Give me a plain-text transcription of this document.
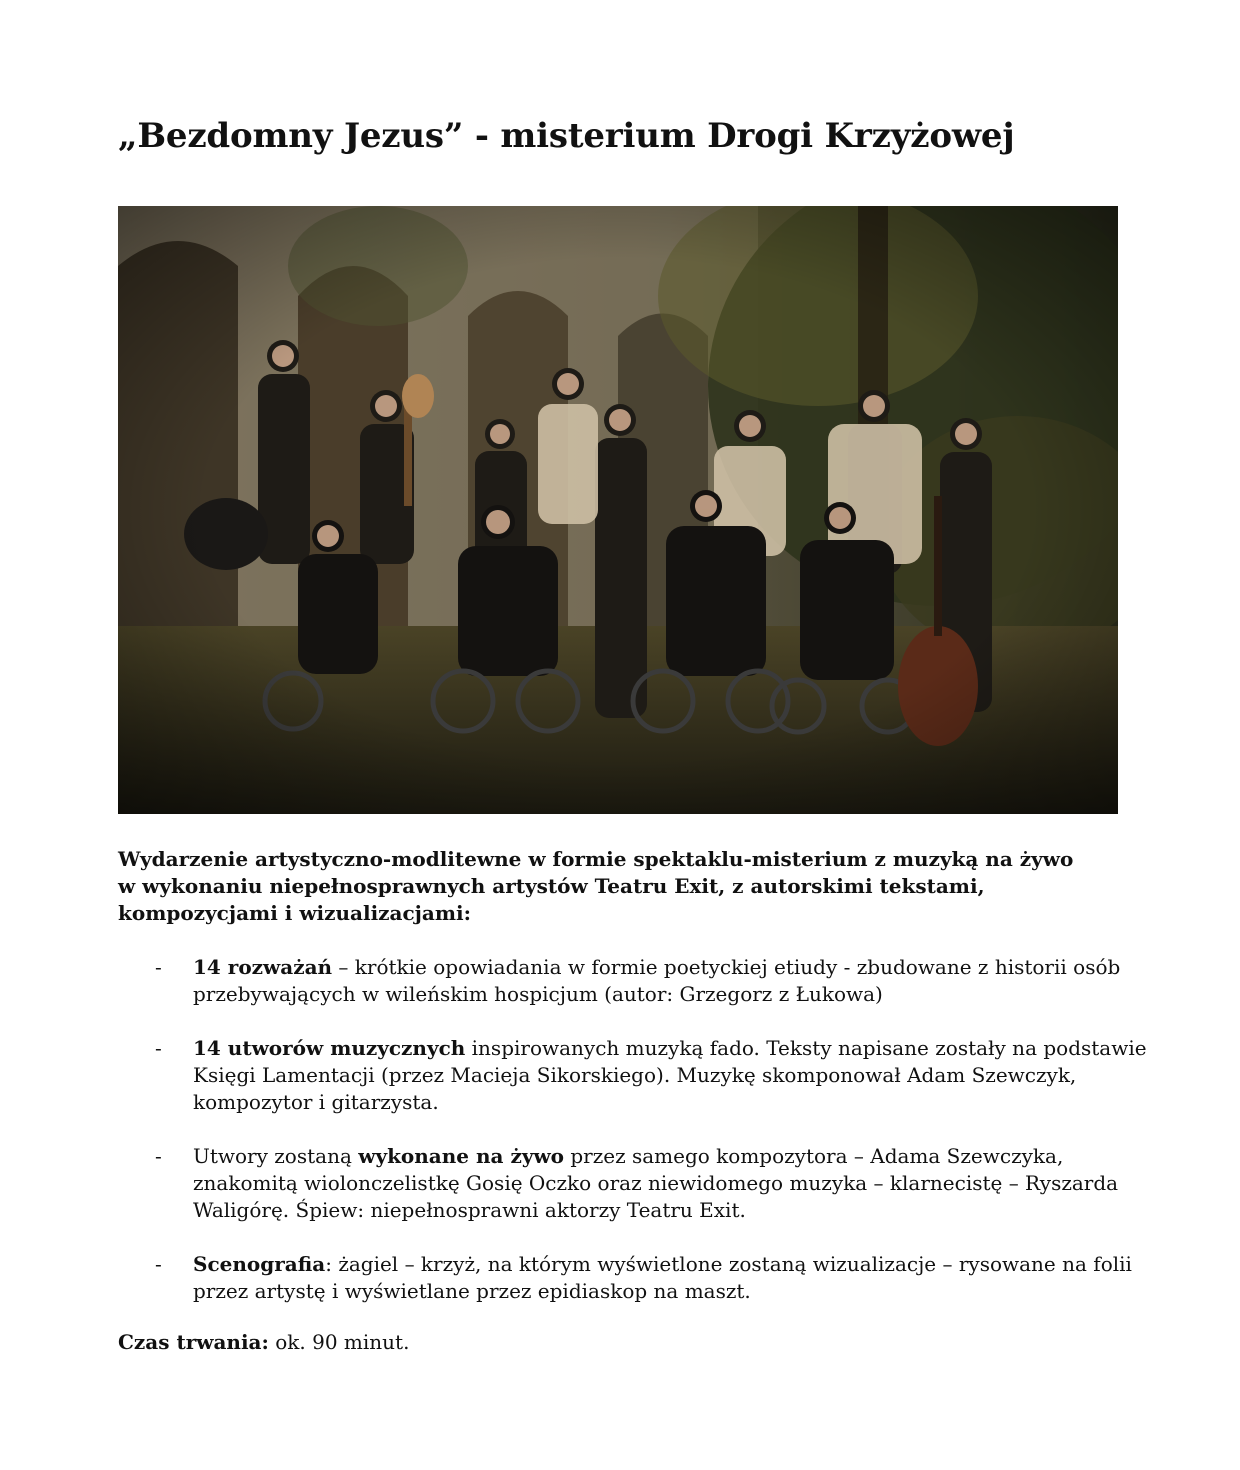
„Bezdomny Jezus” - misterium Drogi Krzyżowej

Wydarzenie artystyczno-modlitewne w formie spektaklu-misterium z muzyką na żywo
w wykonaniu niepełnosprawnych artystów Teatru Exit, z autorskimi tekstami,
kompozycjami i wizualizacjami:

- 14 rozważań – krótkie opowiadania w formie poetyckiej etiudy - zbudowane z historii osób
przebywających w wileńskim hospicjum (autor: Grzegorz z Łukowa)
- 14 utworów muzycznych inspirowanych muzyką fado. Teksty napisane zostały na podstawie
Księgi Lamentacji (przez Macieja Sikorskiego). Muzykę skomponował Adam Szewczyk,
kompozytor i gitarzysta.
- Utwory zostaną wykonane na żywo przez samego kompozytora – Adama Szewczyka,
znakomitą wiolonczelistkę Gosię Oczko oraz niewidomego muzyka – klarnecistę – Ryszarda
Waligórę. Śpiew: niepełnosprawni aktorzy Teatru Exit.
- Scenografia: żagiel – krzyż, na którym wyświetlone zostaną wizualizacje – rysowane na folii
przez artystę i wyświetlane przez epidiaskop na maszt.

Czas trwania: ok. 90 minut.
